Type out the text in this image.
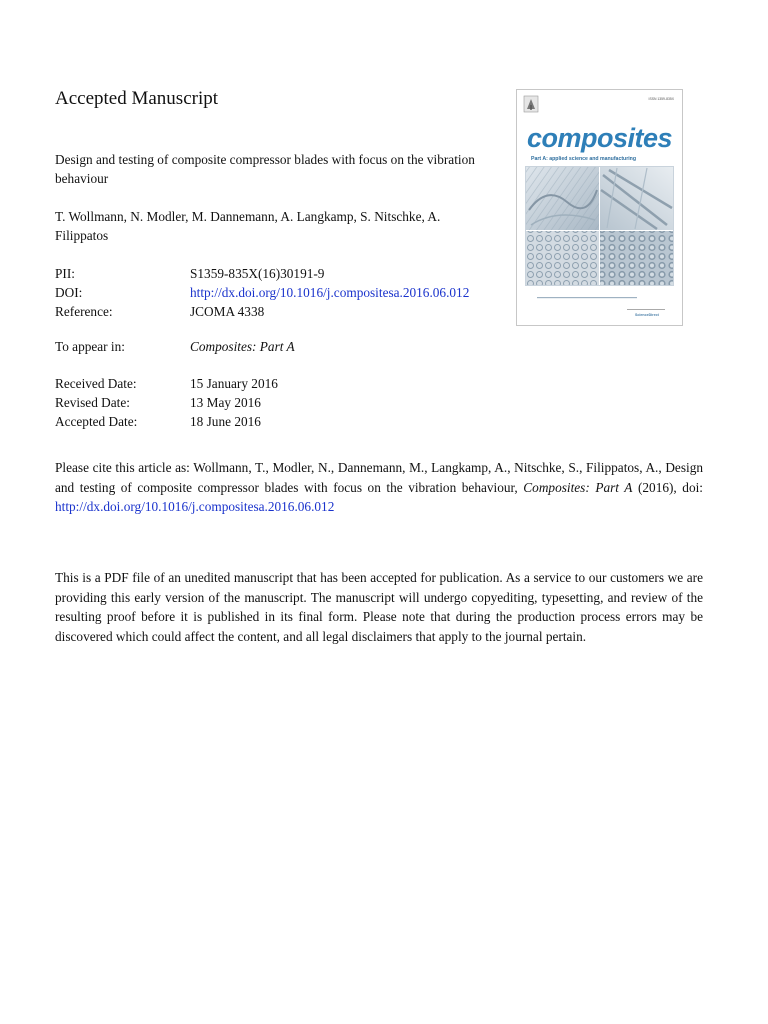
Accepted Manuscript
Design and testing of composite compressor blades with focus on the vibration behaviour
T. Wollmann, N. Modler, M. Dannemann, A. Langkamp, S. Nitschke, A. Filippatos
PII:	S1359-835X(16)30191-9
DOI:	http://dx.doi.org/10.1016/j.compositesa.2016.06.012
Reference:	JCOMA 4338
To appear in:	Composites: Part A
Received Date:	15 January 2016
Revised Date:	13 May 2016
Accepted Date:	18 June 2016
Please cite this article as: Wollmann, T., Modler, N., Dannemann, M., Langkamp, A., Nitschke, S., Filippatos, A., Design and testing of composite compressor blades with focus on the vibration behaviour, Composites: Part A (2016), doi: http://dx.doi.org/10.1016/j.compositesa.2016.06.012
This is a PDF file of an unedited manuscript that has been accepted for publication. As a service to our customers we are providing this early version of the manuscript. The manuscript will undergo copyediting, typesetting, and review of the resulting proof before it is published in its final form. Please note that during the production process errors may be discovered which could affect the content, and all legal disclaimers that apply to the journal pertain.
ISSN 1359-835X
composites
Part A: applied science and manufacturing
ScienceDirect
